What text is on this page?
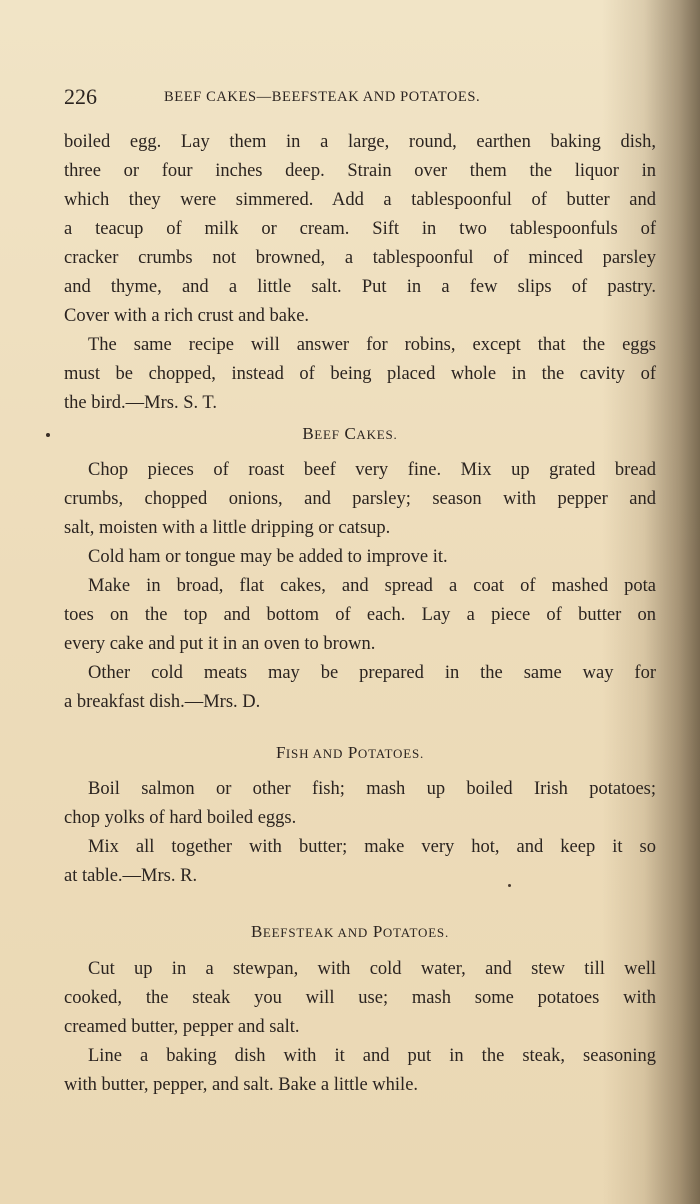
226	BEEF CAKES—BEEFSTEAK AND POTATOES.

boiled egg. Lay them in a large, round, earthen baking dish,

three or four inches deep. Strain over them the liquor in

which they were simmered. Add a tablespoonful of butter and

a teacup of milk or cream. Sift in two tablespoonfuls of

cracker crumbs not browned, a tablespoonful of minced parsley

and thyme, and a little salt. Put in a few slips of pastry.

Cover with a rich crust and bake.

The same recipe will answer for robins, except that the eggs

must be chopped, instead of being placed whole in the cavity of

the bird.—Mrs. S. T.

BEEF CAKES.

Chop pieces of roast beef very fine. Mix up grated bread

crumbs, chopped onions, and parsley; season with pepper and

salt, moisten with a little dripping or catsup.

Cold ham or tongue may be added to improve it.

Make in broad, flat cakes, and spread a coat of mashed pota

toes on the top and bottom of each. Lay a piece of butter on

every cake and put it in an oven to brown.

Other cold meats may be prepared in the same way for

a breakfast dish.—Mrs. D.

FISH AND POTATOES.

Boil salmon or other fish; mash up boiled Irish potatoes;

chop yolks of hard boiled eggs.

Mix all together with butter; make very hot, and keep it so

at table.—Mrs. R.

BEEFSTEAK AND POTATOES.

Cut up in a stewpan, with cold water, and stew till well

cooked, the steak you will use; mash some potatoes with

creamed butter, pepper and salt.

Line a baking dish with it and put in the steak, seasoning

with butter, pepper, and salt. Bake a little while.
